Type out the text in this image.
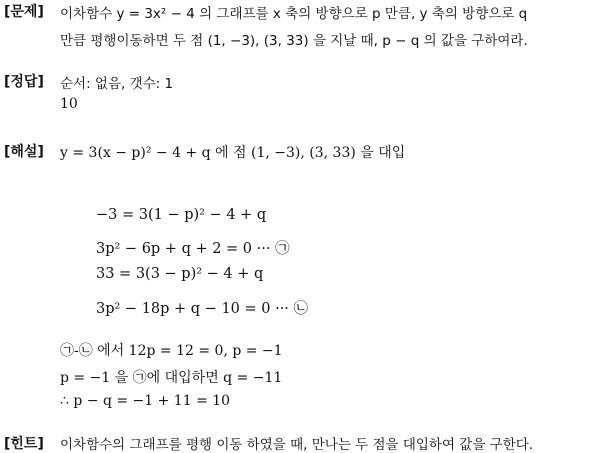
[문제] 이차함수 y = 3x² − 4 의 그래프를 x 축의 방향으로 p 만큼, y 축의 방향으로 q
만큼 평행이동하면 두 점 (1, −3), (3, 33) 을 지날 때, p − q 의 값을 구하여라.
[정답] 순서: 없음, 갯수: 1
10
[해설] y = 3(x − p)² − 4 + q 에 점 (1, −3), (3, 33) 을 대입
−3 = 3(1 − p)² − 4 + q
3p² − 6p + q + 2 = 0 ··· ㉠
33 = 3(3 − p)² − 4 + q
3p² − 18p + q − 10 = 0 ··· ㉡
㉠-㉡ 에서 12p = 12 = 0, p = −1
p = −1 을 ㉠에 대입하면 q = −11
∴ p − q = −1 + 11 = 10
[힌트] 이차함수의 그래프를 평행 이동 하였을 때, 만나는 두 점을 대입하여 값을 구한다.
